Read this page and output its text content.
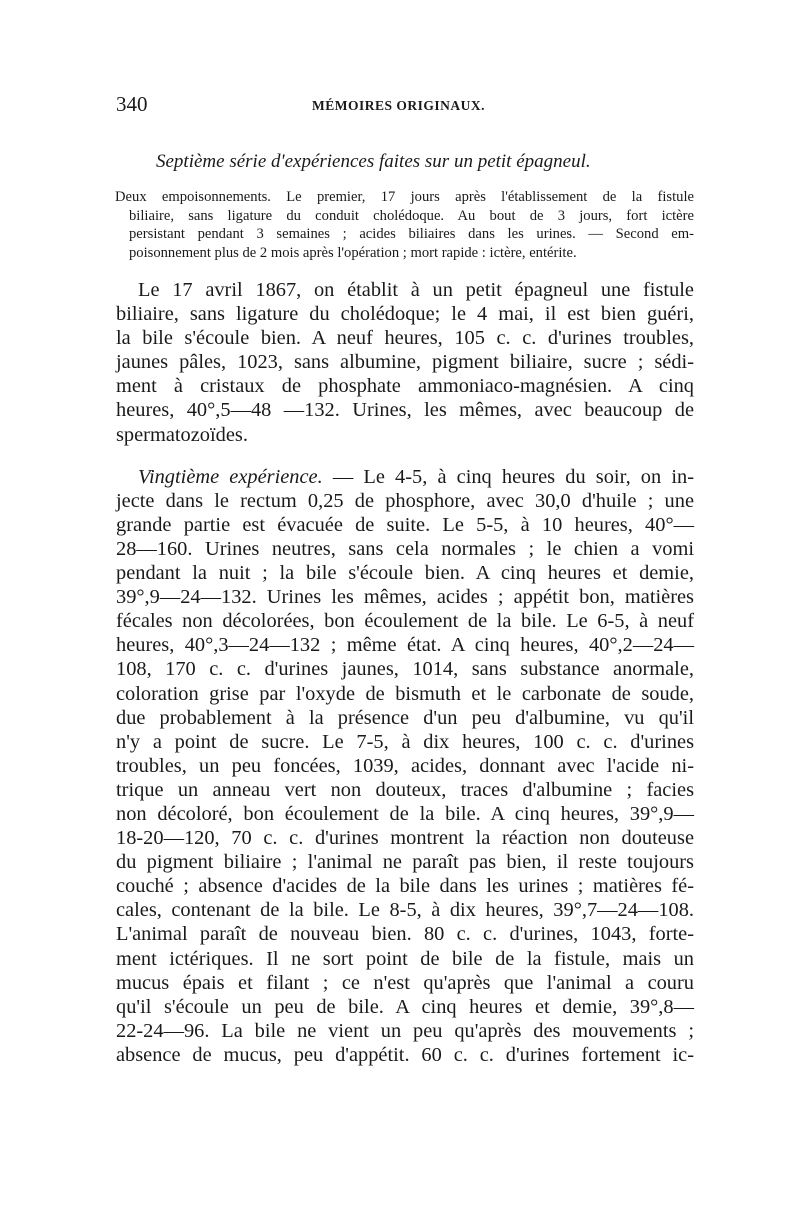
340	MÉMOIRES ORIGINAUX.
Septième série d'expériences faites sur un petit épagneul.
Deux empoisonnements. Le premier, 17 jours après l'établissement de la fistule
biliaire, sans ligature du conduit cholédoque. Au bout de 3 jours, fort ictère
persistant pendant 3 semaines ; acides biliaires dans les urines. — Second em-
poisonnement plus de 2 mois après l'opération ; mort rapide : ictère, entérite.
Le 17 avril 1867, on établit à un petit épagneul une fistule
biliaire, sans ligature du cholédoque; le 4 mai, il est bien guéri,
la bile s'écoule bien. A neuf heures, 105 c. c. d'urines troubles,
jaunes pâles, 1023, sans albumine, pigment biliaire, sucre ; sédi-
ment à cristaux de phosphate ammoniaco-magnésien. A cinq
heures, 40°,5—48 —132. Urines, les mêmes, avec beaucoup de
spermatozoïdes.
Vingtième expérience. — Le 4-5, à cinq heures du soir, on in-
jecte dans le rectum 0,25 de phosphore, avec 30,0 d'huile ; une
grande partie est évacuée de suite. Le 5-5, à 10 heures, 40°—
28—160. Urines neutres, sans cela normales ; le chien a vomi
pendant la nuit ; la bile s'écoule bien. A cinq heures et demie,
39°,9—24—132. Urines les mêmes, acides ; appétit bon, matières
fécales non décolorées, bon écoulement de la bile. Le 6-5, à neuf
heures, 40°,3—24—132 ; même état. A cinq heures, 40°,2—24—
108, 170 c. c. d'urines jaunes, 1014, sans substance anormale,
coloration grise par l'oxyde de bismuth et le carbonate de soude,
due probablement à la présence d'un peu d'albumine, vu qu'il
n'y a point de sucre. Le 7-5, à dix heures, 100 c. c. d'urines
troubles, un peu foncées, 1039, acides, donnant avec l'acide ni-
trique un anneau vert non douteux, traces d'albumine ; facies
non décoloré, bon écoulement de la bile. A cinq heures, 39°,9—
18-20—120, 70 c. c. d'urines montrent la réaction non douteuse
du pigment biliaire ; l'animal ne paraît pas bien, il reste toujours
couché ; absence d'acides de la bile dans les urines ; matières fé-
cales, contenant de la bile. Le 8-5, à dix heures, 39°,7—24—108.
L'animal paraît de nouveau bien. 80 c. c. d'urines, 1043, forte-
ment ictériques. Il ne sort point de bile de la fistule, mais un
mucus épais et filant ; ce n'est qu'après que l'animal a couru
qu'il s'écoule un peu de bile. A cinq heures et demie, 39°,8—
22-24—96. La bile ne vient un peu qu'après des mouvements ;
absence de mucus, peu d'appétit. 60 c. c. d'urines fortement ic-
